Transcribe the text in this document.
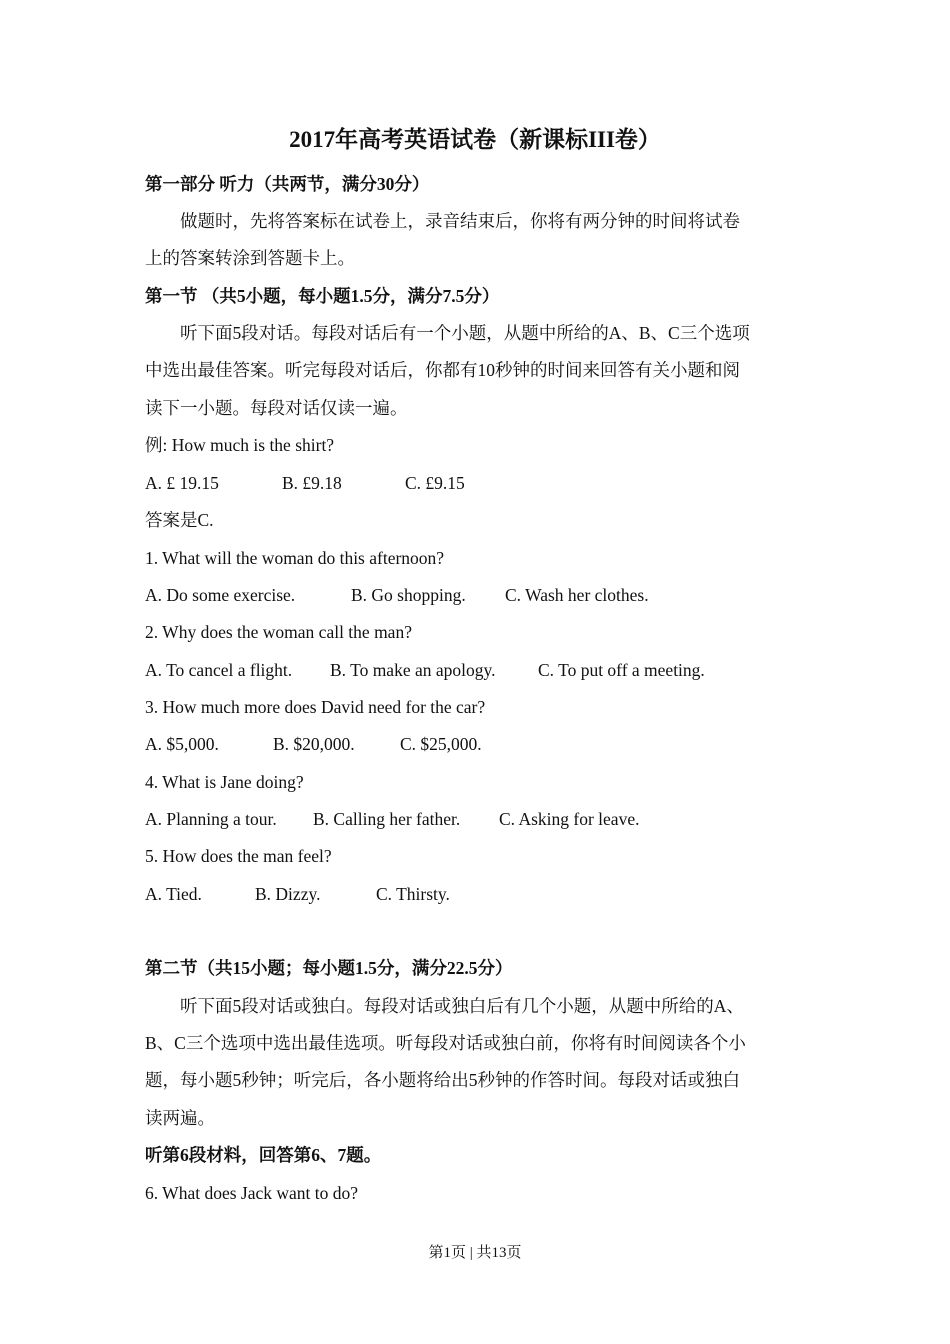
2017年高考英语试卷（新课标III卷）
第一部分 听力（共两节，满分30分）
做题时，先将答案标在试卷上，录音结束后，你将有两分钟的时间将试卷
上的答案转涂到答题卡上。
第一节 （共5小题，每小题1.5分，满分7.5分）
听下面5段对话。每段对话后有一个小题，从题中所给的A、B、C三个选项
中选出最佳答案。听完每段对话后，你都有10秒钟的时间来回答有关小题和阅
读下一小题。每段对话仅读一遍。
例: How much is the shirt?
A. £ 19.15	B. £9.18	C. £9.15
答案是C.
1. What will the woman do this afternoon?
A. Do some exercise.	B. Go shopping. C. Wash her clothes.
2. Why does the woman call the man?
A. To cancel a flight. B. To make an apology. C. To put off a meeting.
3. How much more does David need for the car?
A. $5,000.	B. $20,000.	C. $25,000.
4. What is Jane doing?
A. Planning a tour. B. Calling her father. C. Asking for leave.
5. How does the man feel?
A. Tied.	B. Dizzy.	C. Thirsty.
第二节（共15小题；每小题1.5分，满分22.5分）
听下面5段对话或独白。每段对话或独白后有几个小题，从题中所给的A、
B、C三个选项中选出最佳选项。听每段对话或独白前，你将有时间阅读各个小
题，每小题5秒钟；听完后，各小题将给出5秒钟的作答时间。每段对话或独白
读两遍。
听第6段材料，回答第6、7题。
6. What does Jack want to do?
第1页 | 共13页
